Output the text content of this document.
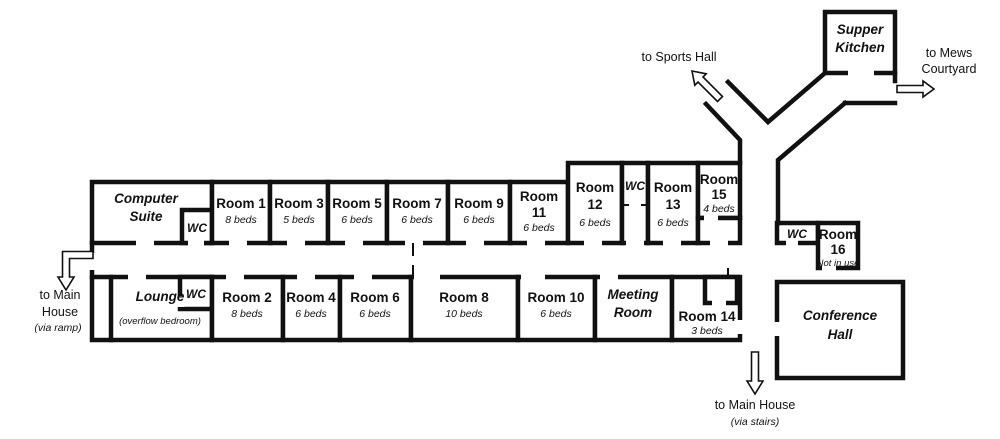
Computer
Suite
WC
Room 1
8 beds
Room 3
5 beds
Room 5
6 beds
Room 7
6 beds
Room 9
6 beds
Room
11
6 beds
Room
12
6 beds
WC Room
13
6 beds
Room
15
4 beds
Lounge
(overflow bedroom)
WC Room 2
8 beds
Room 4
6 beds
Room 6
6 beds
Room 8
10 beds
Room 10
6 beds
Meeting
Room Room 14
3 beds
Supper
Kitchen
WC Room
16
Not in use
Conference
Hall
to Sports Hall	to Mews
Courtyard
to Main
House
(via ramp)
to Main House
(via stairs)
